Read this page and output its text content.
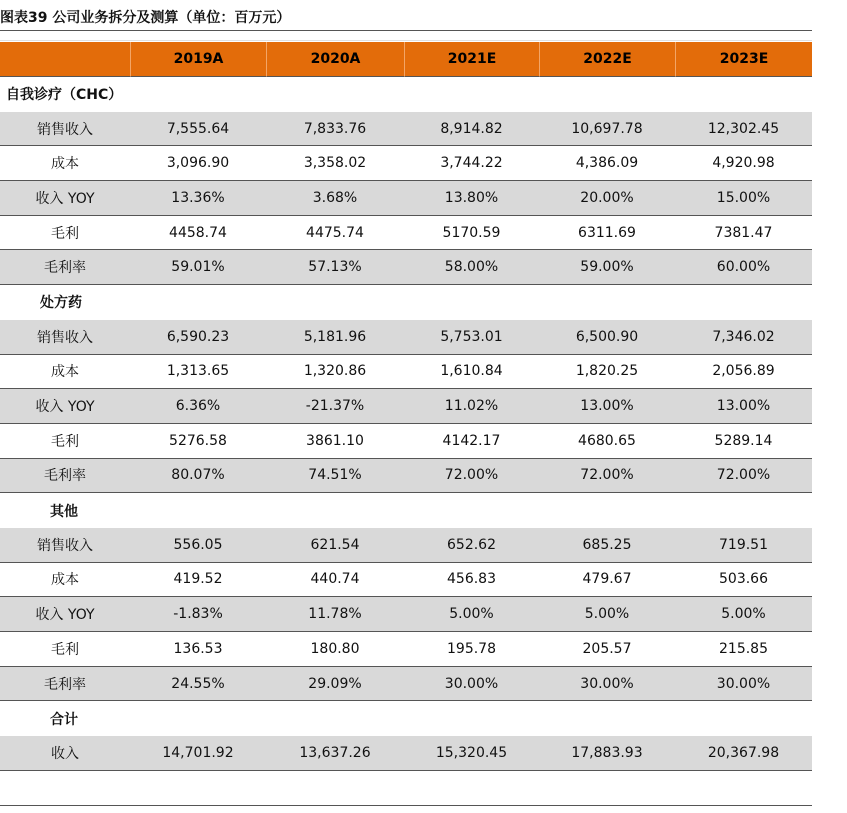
图表39 公司业务拆分及测算（单位：百万元）
	2019A	2020A	2021E	2022E	2023E
自我诊疗（CHC）					
销售收入	7,555.64	7,833.76	8,914.82	10,697.78	12,302.45
成本	3,096.90	3,358.02	3,744.22	4,386.09	4,920.98
收入 YOY	13.36%	3.68%	13.80%	20.00%	15.00%
毛利	4458.74	4475.74	5170.59	6311.69	7381.47
毛利率	59.01%	57.13%	58.00%	59.00%	60.00%
处方药					
销售收入	6,590.23	5,181.96	5,753.01	6,500.90	7,346.02
成本	1,313.65	1,320.86	1,610.84	1,820.25	2,056.89
收入 YOY	6.36%	-21.37%	11.02%	13.00%	13.00%
毛利	5276.58	3861.10	4142.17	4680.65	5289.14
毛利率	80.07%	74.51%	72.00%	72.00%	72.00%
其他					
销售收入	556.05	621.54	652.62	685.25	719.51
成本	419.52	440.74	456.83	479.67	503.66
收入 YOY	-1.83%	11.78%	5.00%	5.00%	5.00%
毛利	136.53	180.80	195.78	205.57	215.85
毛利率	24.55%	29.09%	30.00%	30.00%	30.00%
合计					
收入	14,701.92	13,637.26	15,320.45	17,883.93	20,367.98
